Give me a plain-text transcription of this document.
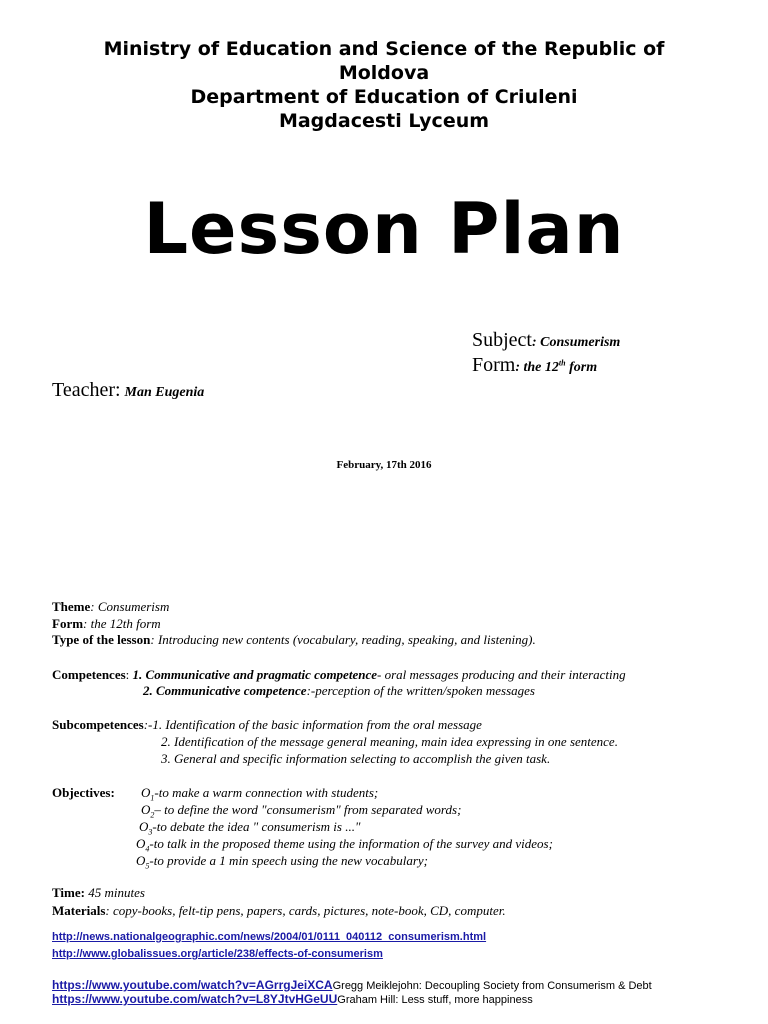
Ministry of Education and Science of the Republic of
Moldova
Department of Education of Criuleni
Magdacesti Lyceum
Lesson Plan
Subject: Consumerism
Form: the 12th form
Teacher: Man Eugenia
February, 17th 2016
Theme: Consumerism
Form: the 12th form
Type of the lesson: Introducing new contents (vocabulary, reading, speaking, and listening).
Competences: 1. Communicative and pragmatic competence- oral messages producing and their interacting
2. Communicative competence:-perception of the written/spoken messages
Subcompetences:-1. Identification of the basic information from the oral message
2. Identification of the message general meaning, main idea expressing in one sentence.
3. General and specific information selecting to accomplish the given task.
Objectives: $O_1-to$ make a warm connection with students;
$O_2-$ to define the word "consumerism" from separated words;
$O_3-to$ debate the idea " consumerism is ..."
$O_4-to$ talk in the proposed theme using the information of the survey and videos;
$O_5-to$ provide a 1 min speech using the new vocabulary;
Time: 45 minutes
Materials: copy-books, felt-tip pens, papers, cards, pictures, note-book, CD, computer.
http://news.nationalgeographic.com/news/2004/01/0111_040112_consumerism.html
http://www.globalissues.org/article/238/effects-of-consumerism
https://www.youtube.com/watch?v=AGrrgJeiXCAGregg Meiklejohn: Decoupling Society from Consumerism & Debt
https://www.youtube.com/watch?v=L8YJtvHGeUUGraham Hill: Less stuff, more happiness
